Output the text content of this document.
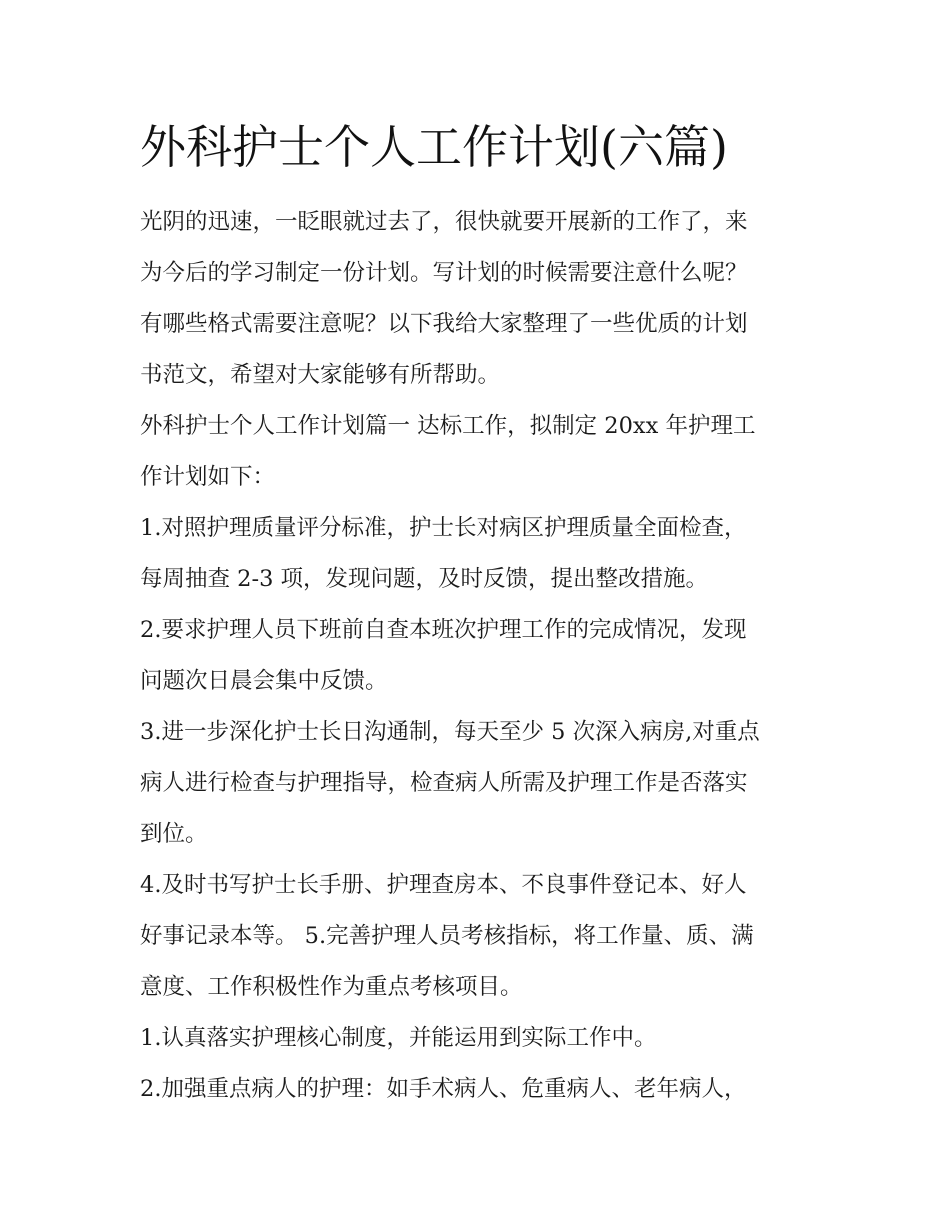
外科护士个人工作计划(六篇)
光阴的迅速，一眨眼就过去了，很快就要开展新的工作了，来
为今后的学习制定一份计划。写计划的时候需要注意什么呢？
有哪些格式需要注意呢？以下我给大家整理了一些优质的计划
书范文，希望对大家能够有所帮助。
外科护士个人工作计划篇一 达标工作，拟制定 20xx 年护理工
作计划如下：
1.对照护理质量评分标准，护士长对病区护理质量全面检查，
每周抽查 2-3 项，发现问题，及时反馈，提出整改措施。
2.要求护理人员下班前自查本班次护理工作的完成情况，发现
问题次日晨会集中反馈。
3.进一步深化护士长日沟通制，每天至少 5 次深入病房,对重点
病人进行检查与护理指导，检查病人所需及护理工作是否落实
到位。
4.及时书写护士长手册、护理查房本、不良事件登记本、好人
好事记录本等。 5.完善护理人员考核指标，将工作量、质、满
意度、工作积极性作为重点考核项目。
1.认真落实护理核心制度，并能运用到实际工作中。
2.加强重点病人的护理：如手术病人、危重病人、老年病人，
